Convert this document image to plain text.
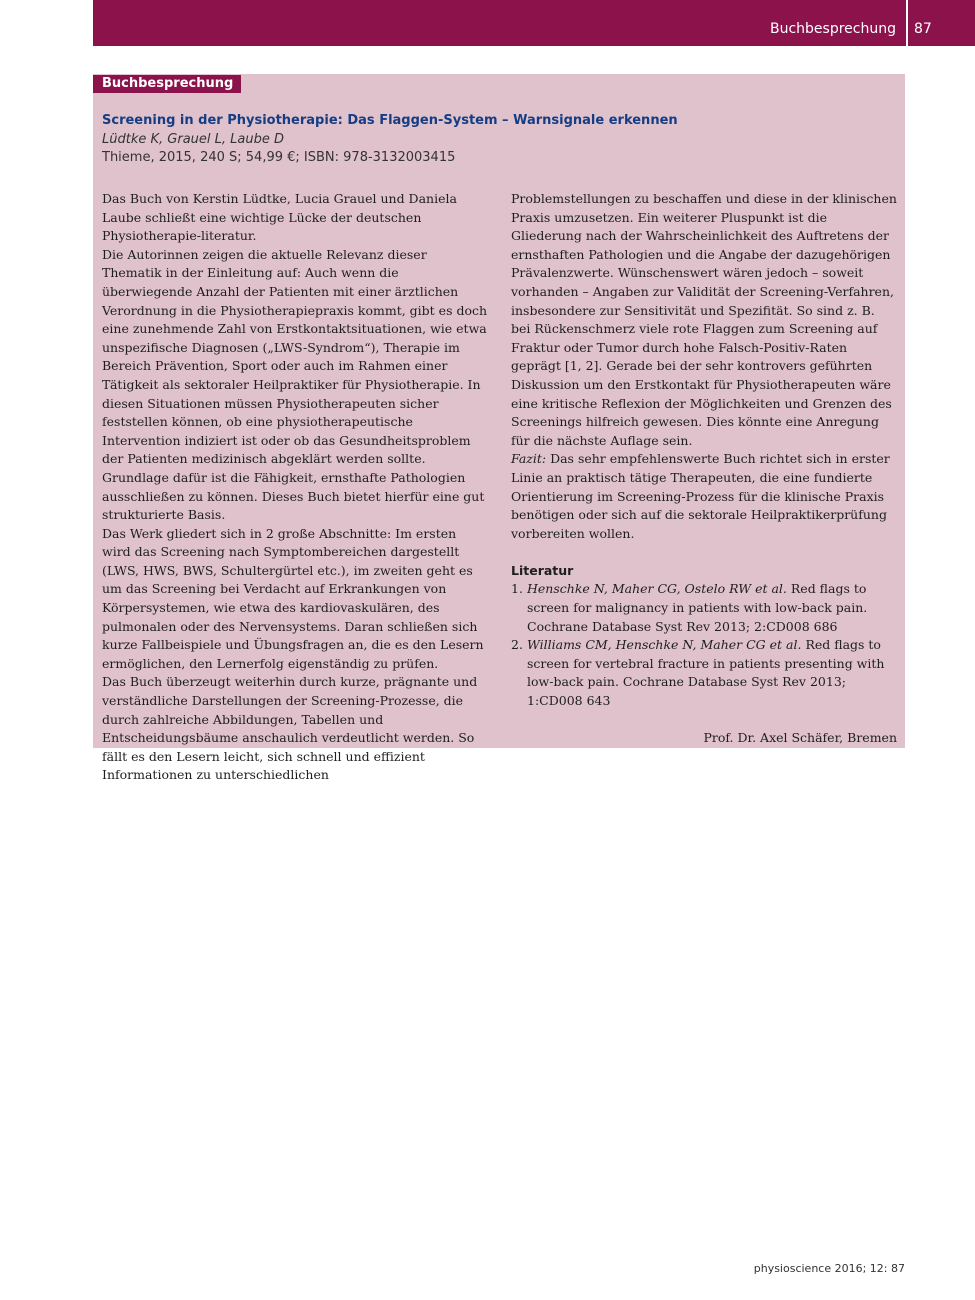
Buchbesprechung 87
Buchbesprechung
Screening in der Physiotherapie: Das Flaggen-System – Warnsignale erkennen
Lüdtke K, Grauel L, Laube D
Thieme, 2015, 240 S; 54,99 €; ISBN: 978-3132003415

Das Buch von Kerstin Lüdtke, Lucia Grauel und Daniela Laube schließt eine wichtige Lücke der deutschen Physiotherapie-literatur.

Die Autorinnen zeigen die aktuelle Relevanz dieser Thematik in der Einleitung auf: Auch wenn die überwiegende Anzahl der Patienten mit einer ärztlichen Verordnung in die Physiotherapiepraxis kommt, gibt es doch eine zunehmende Zahl von Erstkontaktsituationen, wie etwa unspezifische Diagnosen („LWS-Syndrom“), Therapie im Bereich Prävention, Sport oder auch im Rahmen einer Tätigkeit als sektoraler Heilpraktiker für Physiotherapie. In diesen Situationen müssen Physiotherapeuten sicher feststellen können, ob eine physiotherapeutische Intervention indiziert ist oder ob das Gesundheitsproblem der Patienten medizinisch abgeklärt werden sollte. Grundlage dafür ist die Fähigkeit, ernsthafte Pathologien ausschließen zu können. Dieses Buch bietet hierfür eine gut strukturierte Basis.

Das Werk gliedert sich in 2 große Abschnitte: Im ersten wird das Screening nach Symptombereichen dargestellt (LWS, HWS, BWS, Schultergürtel etc.), im zweiten geht es um das Screening bei Verdacht auf Erkrankungen von Körpersystemen, wie etwa des kardiovaskulären, des pulmonalen oder des Nervensystems. Daran schließen sich kurze Fallbeispiele und Übungsfragen an, die es den Lesern ermöglichen, den Lernerfolg eigenständig zu prüfen.

Das Buch überzeugt weiterhin durch kurze, prägnante und verständliche Darstellungen der Screening-Prozesse, die durch zahlreiche Abbildungen, Tabellen und Entscheidungsbäume anschaulich verdeutlicht werden. So fällt es den Lesern leicht, sich schnell und effizient Informationen zu unterschiedlichen

Problemstellungen zu beschaffen und diese in der klinischen Praxis umzusetzen. Ein weiterer Pluspunkt ist die Gliederung nach der Wahrscheinlichkeit des Auftretens der ernsthaften Pathologien und die Angabe der dazugehörigen Prävalenzwerte. Wünschenswert wären jedoch – soweit vorhanden – Angaben zur Validität der Screening-Verfahren, insbesondere zur Sensitivität und Spezifität. So sind z. B. bei Rückenschmerz viele rote Flaggen zum Screening auf Fraktur oder Tumor durch hohe Falsch-Positiv-Raten geprägt [1, 2]. Gerade bei der sehr kontrovers geführten Diskussion um den Erstkontakt für Physiotherapeuten wäre eine kritische Reflexion der Möglichkeiten und Grenzen des Screenings hilfreich gewesen. Dies könnte eine Anregung für die nächste Auflage sein.

Fazit: Das sehr empfehlenswerte Buch richtet sich in erster Linie an praktisch tätige Therapeuten, die eine fundierte Orientierung im Screening-Prozess für die klinische Praxis benötigen oder sich auf die sektorale Heilpraktikerprüfung vorbereiten wollen.

Literatur
1. Henschke N, Maher CG, Ostelo RW et al. Red flags to screen for malignancy in patients with low-back pain. Cochrane Database Syst Rev 2013; 2:CD008 686
2. Williams CM, Henschke N, Maher CG et al. Red flags to screen for vertebral fracture in patients presenting with low-back pain. Cochrane Database Syst Rev 2013; 1:CD008 643
Prof. Dr. Axel Schäfer, Bremen
physioscience 2016; 12: 87
